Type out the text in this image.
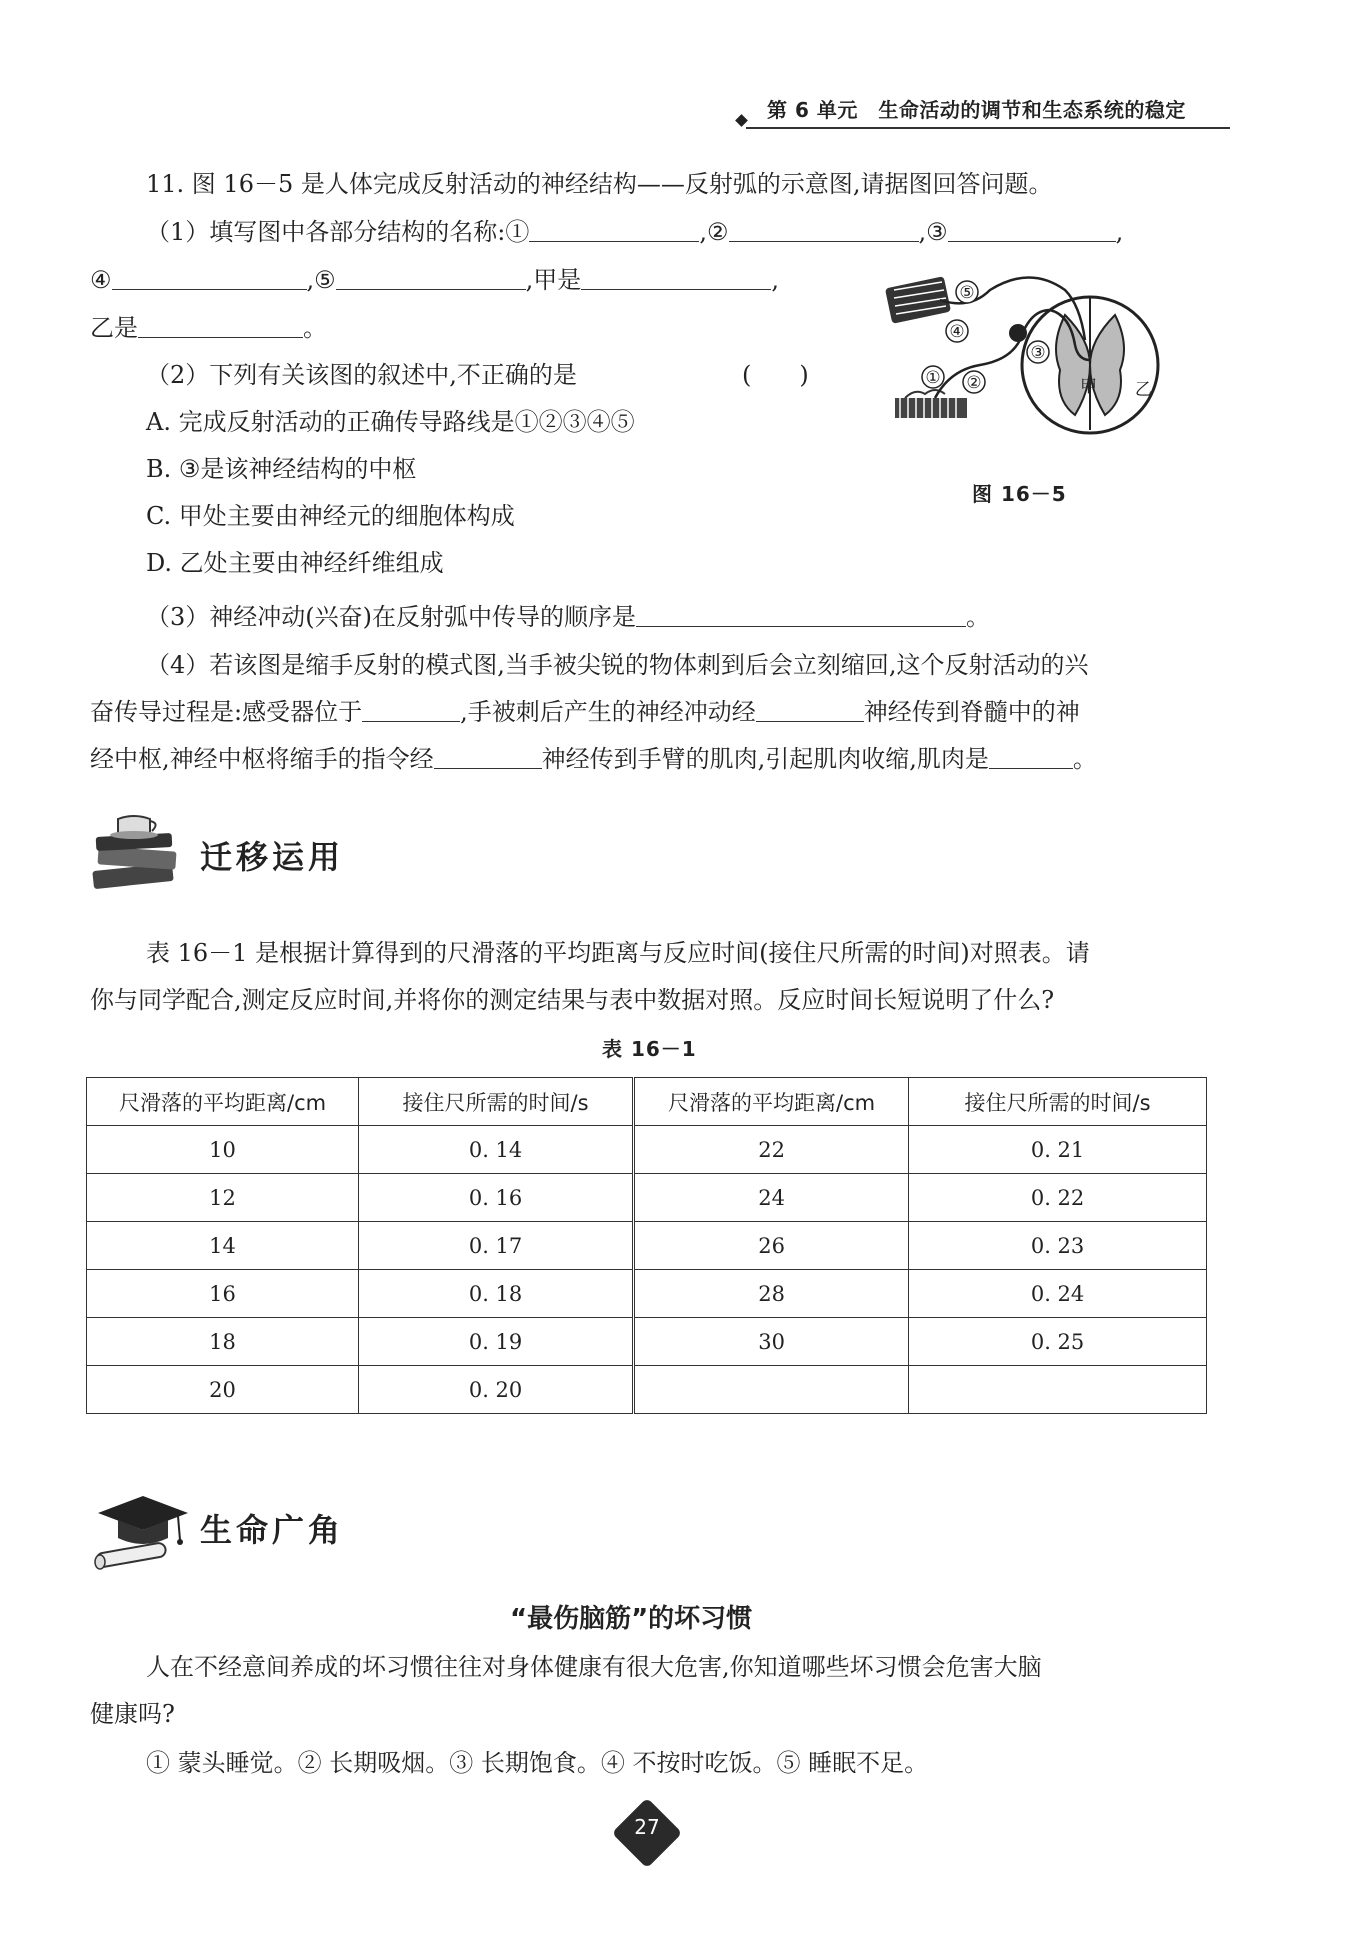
第 6 单元　生命活动的调节和生态系统的稳定
11. 图 16－5 是人体完成反射活动的神经结构——反射弧的示意图,请据图回答问题。
（1）填写图中各部分结构的名称:①	,②	,③	,
④	,⑤	,甲是	,
乙是	。
（2）下列有关该图的叙述中,不正确的是	(　　)
A. 完成反射活动的正确传导路线是①②③④⑤
B. ③是该神经结构的中枢
C. 甲处主要由神经元的细胞体构成
D. 乙处主要由神经纤维组成
（3）神经冲动(兴奋)在反射弧中传导的顺序是	。
（4）若该图是缩手反射的模式图,当手被尖锐的物体刺到后会立刻缩回,这个反射活动的兴
奋传导过程是:感受器位于	,手被刺后产生的神经冲动经	神经传到脊髓中的神
经中枢,神经中枢将缩手的指令经	神经传到手臂的肌肉,引起肌肉收缩,肌肉是	。
⑤
④
① ②
③
甲 乙
图 16－5
迁移运用
表 16－1 是根据计算得到的尺滑落的平均距离与反应时间(接住尺所需的时间)对照表。请
你与同学配合,测定反应时间,并将你的测定结果与表中数据对照。反应时间长短说明了什么?
表 16－1
尺滑落的平均距离/cm	接住尺所需的时间/s	尺滑落的平均距离/cm	接住尺所需的时间/s
10	0. 14	22	0. 21
12	0. 16	24	0. 22
14	0. 17	26	0. 23
16	0. 18	28	0. 24
18	0. 19	30	0. 25
20	0. 20		
生命广角
“最伤脑筋”的坏习惯
人在不经意间养成的坏习惯往往对身体健康有很大危害,你知道哪些坏习惯会危害大脑
健康吗?
① 蒙头睡觉。② 长期吸烟。③ 长期饱食。④ 不按时吃饭。⑤ 睡眠不足。
27
